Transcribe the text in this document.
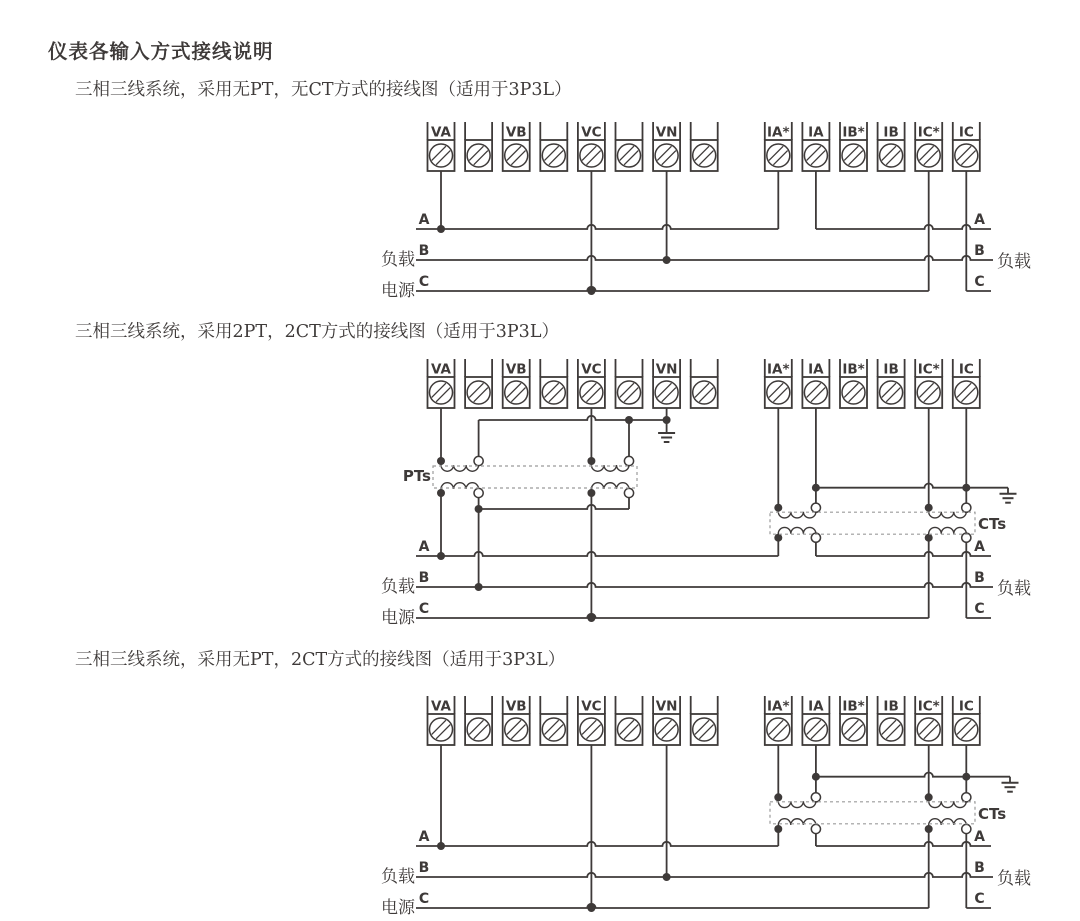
仪表各输入方式接线说明
三相三线系统，采用无PT，无CT方式的接线图（适用于3P3L）
三相三线系统，采用2PT，2CT方式的接线图（适用于3P3L）
三相三线系统，采用无PT，2CT方式的接线图（适用于3P3L）
VA	VB	VC	VN	IA* IA IB* IB IC* IC
A	A
B	B
C	C
负载
电源
负载
VA	VB	VC	VN	IA* IA IB* IB IC* IC
PTs
CTs
A	A
B	B
C	C
负载
电源
负载
VA	VB	VC	VN	IA* IA IB* IB IC* IC
CTs
A	A
B	B
C	C
负载
电源
负载
